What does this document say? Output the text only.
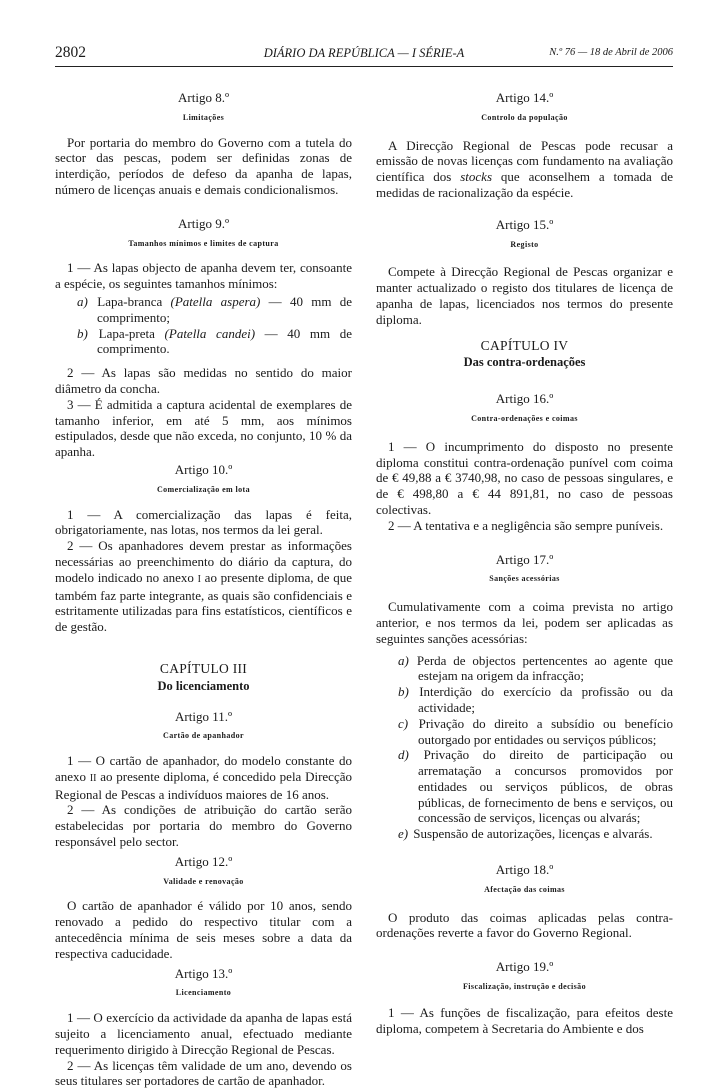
2802	DIÁRIO DA REPÚBLICA — I SÉRIE-A	N.º 76 — 18 de Abril de 2006
Artigo 8.º
Limitações

Por portaria do membro do Governo com a tutela do sector das pescas, podem ser definidas zonas de interdição, períodos de defeso da apanha de lapas, número de licenças anuais e demais condicionalismos.

Artigo 9.º
Tamanhos mínimos e limites de captura

1 — As lapas objecto de apanha devem ter, consoante a espécie, os seguintes tamanhos mínimos:

a) Lapa-branca (Patella aspera) — 40 mm de comprimento;
b) Lapa-preta (Patella candei) — 40 mm de comprimento.

2 — As lapas são medidas no sentido do maior diâmetro da concha.

3 — É admitida a captura acidental de exemplares de tamanho inferior, em até 5 mm, aos mínimos estipulados, desde que não exceda, no conjunto, 10 % da apanha.

Artigo 10.º
Comercialização em lota

1 — A comercialização das lapas é feita, obrigatoriamente, nas lotas, nos termos da lei geral.

2 — Os apanhadores devem prestar as informações necessárias ao preenchimento do diário da captura, do modelo indicado no anexo I ao presente diploma, de que também faz parte integrante, as quais são confidenciais e estritamente utilizadas para fins estatísticos, científicos e de gestão.

CAPÍTULO III
Do licenciamento
Artigo 11.º
Cartão de apanhador

1 — O cartão de apanhador, do modelo constante do anexo II ao presente diploma, é concedido pela Direcção Regional de Pescas a indivíduos maiores de 16 anos.

2 — As condições de atribuição do cartão serão estabelecidas por portaria do membro do Governo responsável pelo sector.

Artigo 12.º
Validade e renovação

O cartão de apanhador é válido por 10 anos, sendo renovado a pedido do respectivo titular com a antecedência mínima de seis meses sobre a data da respectiva caducidade.

Artigo 13.º
Licenciamento

1 — O exercício da actividade da apanha de lapas está sujeito a licenciamento anual, efectuado mediante requerimento dirigido à Direcção Regional de Pescas.

2 — As licenças têm validade de um ano, devendo os seus titulares ser portadores de cartão de apanhador.

Artigo 14.º
Controlo da população

A Direcção Regional de Pescas pode recusar a emissão de novas licenças com fundamento na avaliação científica dos stocks que aconselhem a tomada de medidas de racionalização da espécie.

Artigo 15.º
Registo

Compete à Direcção Regional de Pescas organizar e manter actualizado o registo dos titulares de licença de apanha de lapas, licenciados nos termos do presente diploma.

CAPÍTULO IV
Das contra-ordenações
Artigo 16.º
Contra-ordenações e coimas

1 — O incumprimento do disposto no presente diploma constitui contra-ordenação punível com coima de € 49,88 a € 3740,98, no caso de pessoas singulares, e de € 498,80 a € 44 891,81, no caso de pessoas colectivas.

2 — A tentativa e a negligência são sempre puníveis.

Artigo 17.º
Sanções acessórias

Cumulativamente com a coima prevista no artigo anterior, e nos termos da lei, podem ser aplicadas as seguintes sanções acessórias:

a) Perda de objectos pertencentes ao agente que estejam na origem da infracção;
b) Interdição do exercício da profissão ou da actividade;
c) Privação do direito a subsídio ou benefício outorgado por entidades ou serviços públicos;
d) Privação do direito de participação ou arrematação a concursos promovidos por entidades ou serviços públicos, de obras públicas, de fornecimento de bens e serviços, ou concessão de serviços, licenças ou alvarás;
e) Suspensão de autorizações, licenças e alvarás.
Artigo 18.º
Afectação das coimas

O produto das coimas aplicadas pelas contra-ordenações reverte a favor do Governo Regional.

Artigo 19.º
Fiscalização, instrução e decisão

1 — As funções de fiscalização, para efeitos deste diploma, competem à Secretaria do Ambiente e dos
